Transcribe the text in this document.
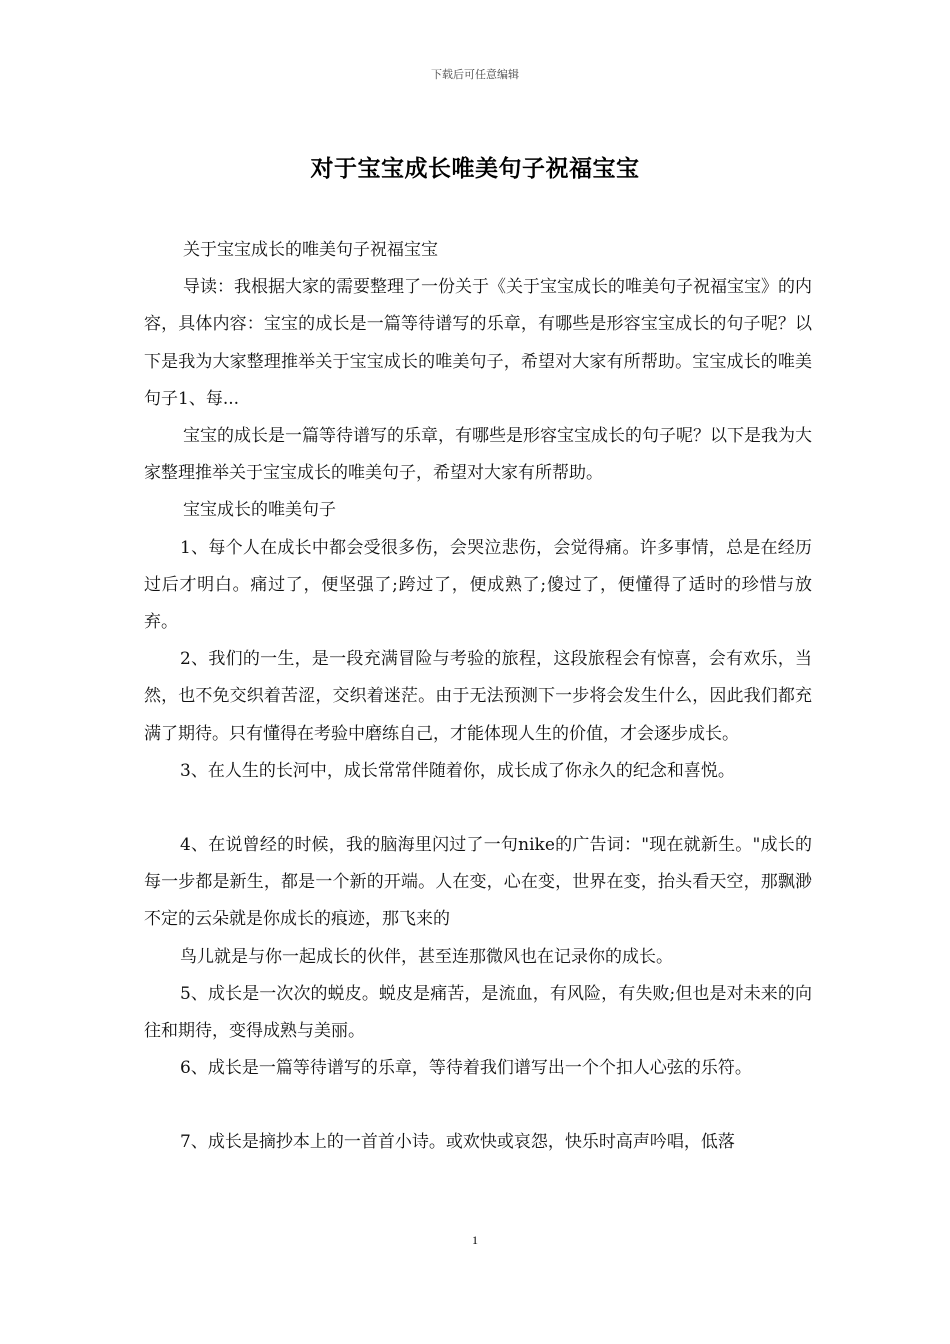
下载后可任意编辑
对于宝宝成长唯美句子祝福宝宝

关于宝宝成长的唯美句子祝福宝宝

导读：我根据大家的需要整理了一份关于《关于宝宝成长的唯美句子祝福宝宝》的内容，具体内容：宝宝的成长是一篇等待谱写的乐章，有哪些是形容宝宝成长的句子呢？以下是我为大家整理推举关于宝宝成长的唯美句子，希望对大家有所帮助。宝宝成长的唯美句子1、每...

宝宝的成长是一篇等待谱写的乐章，有哪些是形容宝宝成长的句子呢？以下是我为大家整理推举关于宝宝成长的唯美句子，希望对大家有所帮助。

宝宝成长的唯美句子

1、每个人在成长中都会受很多伤，会哭泣悲伤，会觉得痛。许多事情，总是在经历过后才明白。痛过了，便坚强了;跨过了，便成熟了;傻过了，便懂得了适时的珍惜与放弃。

2、我们的一生，是一段充满冒险与考验的旅程，这段旅程会有惊喜，会有欢乐，当然，也不免交织着苦涩，交织着迷茫。由于无法预测下一步将会发生什么，因此我们都充满了期待。只有懂得在考验中磨练自己，才能体现人生的价值，才会逐步成长。

3、在人生的长河中，成长常常伴随着你，成长成了你永久的纪念和喜悦。

4、在说曾经的时候，我的脑海里闪过了一句nike的广告词："现在就新生。"成长的每一步都是新生，都是一个新的开端。人在变，心在变，世界在变，抬头看天空，那飘渺不定的云朵就是你成长的痕迹，那飞来的

鸟儿就是与你一起成长的伙伴，甚至连那微风也在记录你的成长。

5、成长是一次次的蜕皮。蜕皮是痛苦，是流血，有风险，有失败;但也是对未来的向往和期待，变得成熟与美丽。

6、成长是一篇等待谱写的乐章，等待着我们谱写出一个个扣人心弦的乐符。

7、成长是摘抄本上的一首首小诗。或欢快或哀怨，快乐时高声吟唱，低落

1
